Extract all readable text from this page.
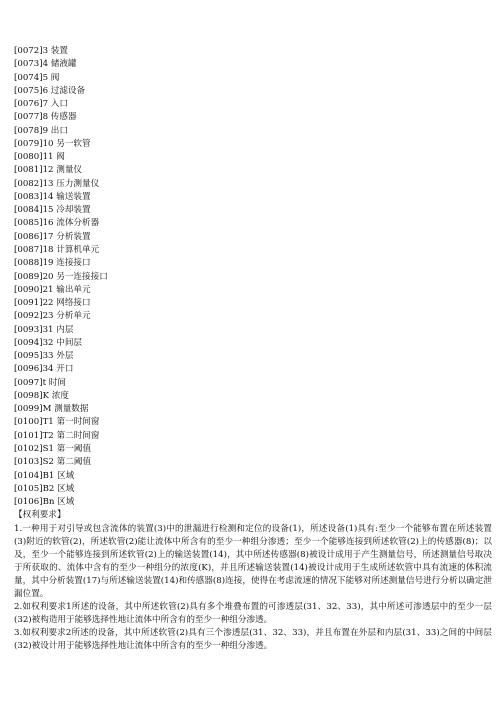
[0072]3 装置
[0073]4 储液罐
[0074]5 阀
[0075]6 过滤设备
[0076]7 入口
[0077]8 传感器
[0078]9 出口
[0079]10 另一软管
[0080]11 阀
[0081]12 测量仪
[0082]13 压力测量仪
[0083]14 输送装置
[0084]15 冷却装置
[0085]16 流体分析器
[0086]17 分析装置
[0087]18 计算机单元
[0088]19 连接接口
[0089]20 另一连接接口
[0090]21 输出单元
[0091]22 网络接口
[0092]23 分析单元
[0093]31 内层
[0094]32 中间层
[0095]33 外层
[0096]34 开口
[0097]t 时间
[0098]K 浓度
[0099]M 测量数据
[0100]T1 第一时间窗
[0101]T2 第二时间窗
[0102]S1 第一阈值
[0103]S2 第二阈值
[0104]B1 区域
[0105]B2 区域
[0106]Bn 区域
【权利要求】

1.一种用于对引导或包含流体的装置(3)中的泄漏进行检测和定位的设备(1)，所述设备(1)具有:至少一个能够布置在所述装置(3)附近的软管(2)，所述软管(2)能让流体中所含有的至少一种组分渗透；至少一个能够连接到所述软管(2)上的传感器(8)；以及，至少一个能够连接到所述软管(2)上的输送装置(14)，其中所述传感器(8)被设计成用于产生测量信号，所述测量信号取决于所获取的、流体中含有的至少一种组分的浓度(K)，并且所述输送装置(14)被设计成用于生成所述软管中具有流速的体积流量，其中分析装置(17)与所述输送装置(14)和传感器(8)连接，使得在考虑流速的情况下能够对所述测量信号进行分析以确定泄漏位置。

2.如权利要求1所述的设备，其中所述软管(2)具有多个堆叠布置的可渗透层(31、32、33)，其中所述可渗透层中的至少一层(32)被构造用于能够选择性地让流体中所含有的至少一种组分渗透。

3.如权利要求2所述的设备，其中所述软管(2)具有三个渗透层(31、32、33)，并且布置在外层和内层(31、33)之间的中间层(32)被设计用于能够选择性地让流体中所含有的至少一种组分渗透。
